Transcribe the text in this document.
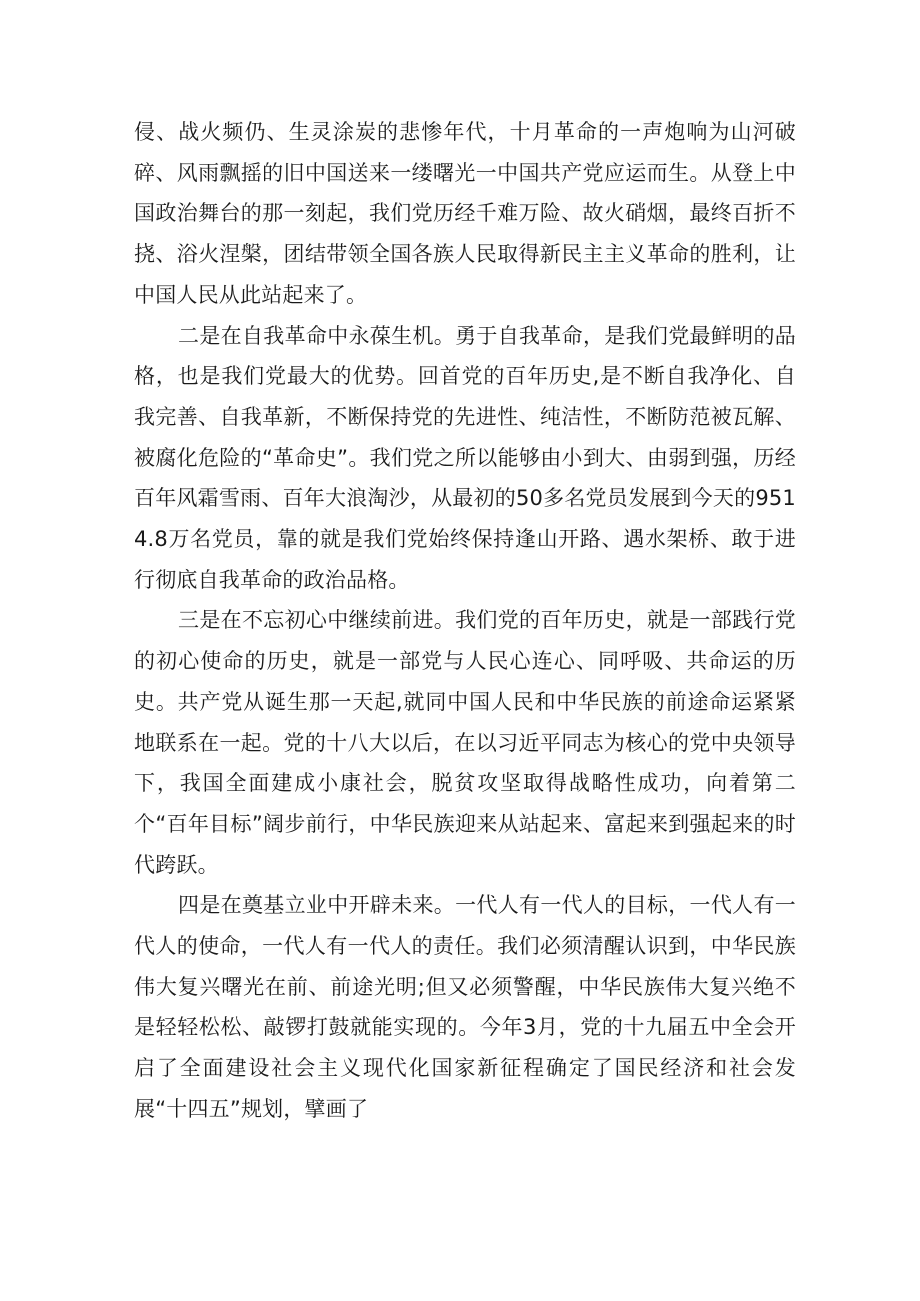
侵、战火频仍、生灵涂炭的悲惨年代，十月革命的一声炮响为山河破碎、风雨飘摇的旧中国送来一缕曙光一中国共产党应运而生。从登上中国政治舞台的那一刻起，我们党历经千难万险、故火硝烟，最终百折不挠、浴火涅槃，团结带领全国各族人民取得新民主主义革命的胜利，让中国人民从此站起来了。

二是在自我革命中永葆生机。勇于自我革命，是我们党最鲜明的品格，也是我们党最大的优势。回首党的百年历史,是不断自我净化、自我完善、自我革新，不断保持党的先进性、纯洁性，不断防范被瓦解、被腐化危险的“革命史”。我们党之所以能够由小到大、由弱到强，历经百年风霜雪雨、百年大浪淘沙，从最初的50多名党员发展到今天的9514.8万名党员，靠的就是我们党始终保持逢山开路、遇水架桥、敢于进行彻底自我革命的政治品格。

三是在不忘初心中继续前进。我们党的百年历史，就是一部践行党的初心使命的历史，就是一部党与人民心连心、同呼吸、共命运的历史。共产党从诞生那一天起,就同中国人民和中华民族的前途命运紧紧地联系在一起。党的十八大以后，在以习近平同志为核心的党中央领导下，我国全面建成小康社会，脱贫攻坚取得战略性成功，向着第二个“百年目标”阔步前行，中华民族迎来从站起来、富起来到强起来的时代跨跃。

四是在奠基立业中开辟未来。一代人有一代人的目标，一代人有一代人的使命，一代人有一代人的责任。我们必须清醒认识到，中华民族伟大复兴曙光在前、前途光明;但又必须警醒，中华民族伟大复兴绝不是轻轻松松、敲锣打鼓就能实现的。今年3月，党的十九届五中全会开启了全面建设社会主义现代化国家新征程确定了国民经济和社会发展“十四五”规划，擘画了
